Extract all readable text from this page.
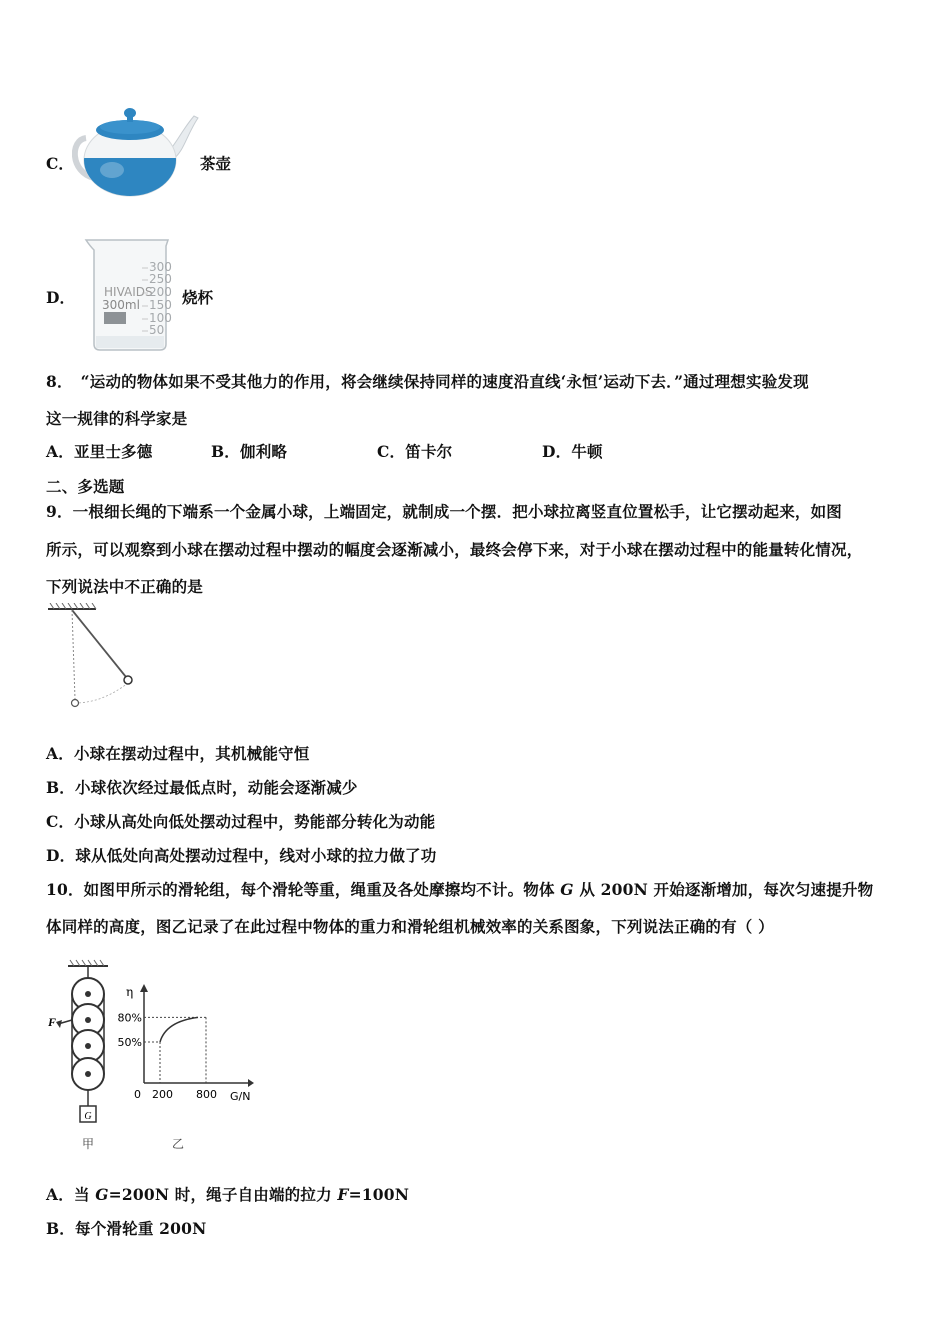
C．	茶壶
D． HIVAIDS
300ml
300
250
200
150
100
50
烧杯
8．　“运动的物体如果不受其他力的作用，将会继续保持同样的速度沿直线‘永恒’运动下去．”通过理想实验发现
这一规律的科学家是
A．亚里士多德	B．伽利略	C．笛卡尔	D．牛顿
二、多选题
9．一根细长绳的下端系一个金属小球，上端固定，就制成一个摆．把小球拉离竖直位置松手，让它摆动起来，如图
所示，可以观察到小球在摆动过程中摆动的幅度会逐渐减小，最终会停下来，对于小球在摆动过程中的能量转化情况，
下列说法中不正确的是
A．小球在摆动过程中，其机械能守恒
B．小球依次经过最低点时，动能会逐渐减少
C．小球从高处向低处摆动过程中，势能部分转化为动能
D．球从低处向高处摆动过程中，线对小球的拉力做了功
10．如图甲所示的滑轮组，每个滑轮等重，绳重及各处摩擦均不计。物体 G 从 200N 开始逐渐增加，每次匀速提升物
体同样的高度，图乙记录了在此过程中物体的重力和滑轮组机械效率的关系图象，下列说法正确的有（ ）
G
F
甲
η
G/N
0 200 800
50%
80%
乙
A．当 G=200N 时，绳子自由端的拉力 F=100N
B．每个滑轮重 200N
